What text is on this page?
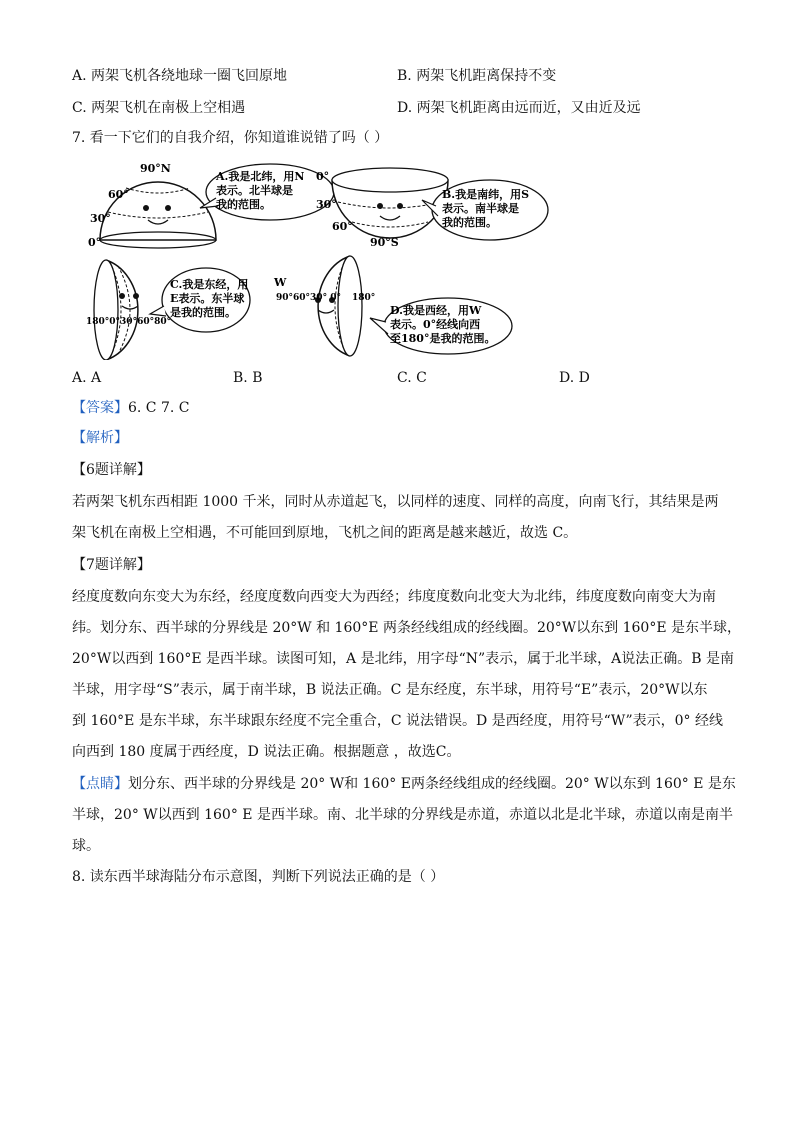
A. 两架飞机各绕地球一圈飞回原地	B. 两架飞机距离保持不变
C. 两架飞机在南极上空相遇	D. 两架飞机距离由远而近，又由近及远
7. 看一下它们的自我介绍，你知道谁说错了吗（ ）
90°N
60°
30°
0°
A.我是北纬，用N
表示。北半球是
我的范围。
0°
30°
60°
90°S
B.我是南纬，用S
表示。南半球是
我的范围。
180°0°30°60°80°
C.我是东经，用
E表示。东半球
是我的范围。
W
90°60°30° 0° 180°
D.我是西经，用W
表示。0°经线向西
至180°是我的范围。
A. A	B. B	C. C	D. D
【答案】6. C 7. C
【解析】
【6题详解】
若两架飞机东西相距 1000 千米，同时从赤道起飞，以同样的速度、同样的高度，向南飞行，其结果是两
架飞机在南极上空相遇，不可能回到原地，飞机之间的距离是越来越近，故选 C。
【7题详解】
经度度数向东变大为东经，经度度数向西变大为西经；纬度度数向北变大为北纬，纬度度数向南变大为南
纬。划分东、西半球的分界线是 20°W 和 160°E 两条经线组成的经线圈。20°W以东到 160°E 是东半球，
20°W以西到 160°E 是西半球。读图可知，A 是北纬，用字母“N”表示，属于北半球，A说法正确。B 是南
半球，用字母“S”表示，属于南半球，B 说法正确。C 是东经度，东半球，用符号“E”表示，20°W以东
到 160°E 是东半球，东半球跟东经度不完全重合，C 说法错误。D 是西经度，用符号“W”表示，0° 经线
向西到 180 度属于西经度，D 说法正确。根据题意 ，故选C。
【点睛】划分东、西半球的分界线是 20° W和 160° E两条经线组成的经线圈。20° W以东到 160° E 是东
半球，20° W以西到 160° E 是西半球。南、北半球的分界线是赤道，赤道以北是北半球，赤道以南是南半
球。
8. 读东西半球海陆分布示意图，判断下列说法正确的是（ ）
